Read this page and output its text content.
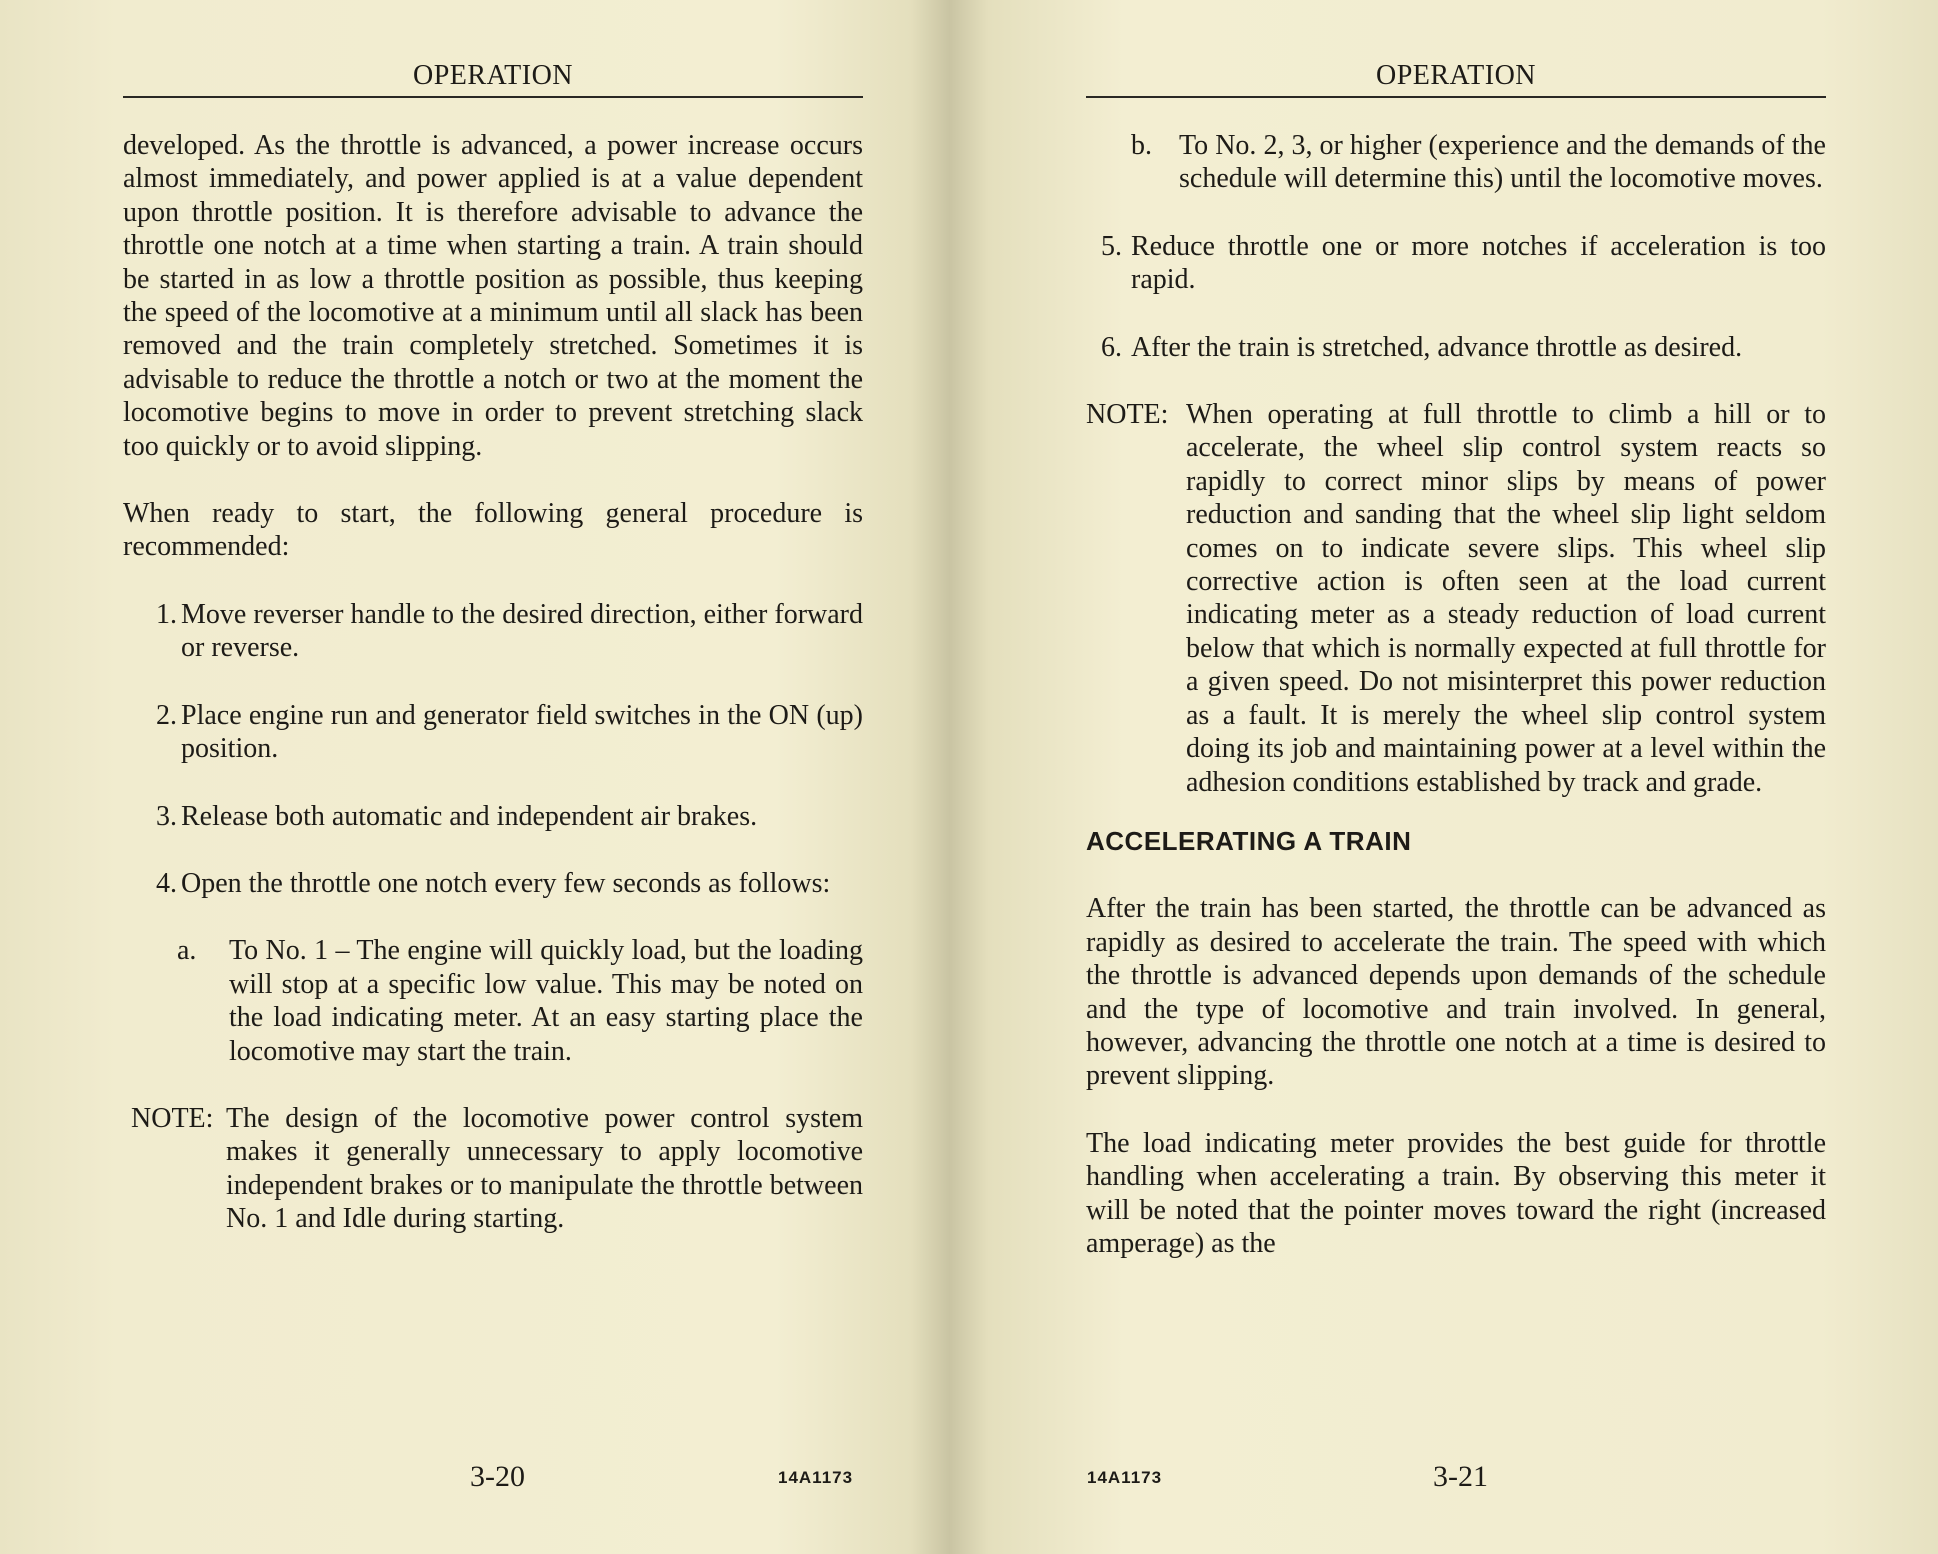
OPERATION

developed. As the throttle is advanced, a power increase occurs almost immediately, and power applied is at a value dependent upon throttle position. It is therefore advisable to advance the throttle one notch at a time when starting a train. A train should be started in as low a throttle position as possible, thus keeping the speed of the locomotive at a minimum until all slack has been removed and the train completely stretched. Sometimes it is advisable to reduce the throttle a notch or two at the moment the locomotive begins to move in order to prevent stretching slack too quickly or to avoid slipping.

When ready to start, the following general procedure is recommended:

1. Move reverser handle to the desired direction, either forward or reverse.
2. Place engine run and generator field switches in the ON (up) position.
3. Release both automatic and independent air brakes.
4. Open the throttle one notch every few seconds as follows:
a.	To No. 1 – The engine will quickly load, but the loading will stop at a specific low value. This may be noted on the load indicating meter. At an easy starting place the locomotive may start the train.
NOTE: The design of the locomotive power control system makes it generally unnecessary to apply locomotive independent brakes or to manipulate the throttle between No. 1 and Idle during starting.
3-20	14A1173
OPERATION
b. To No. 2, 3, or higher (experience and the demands of the schedule will determine this) until the locomotive moves.
5. Reduce throttle one or more notches if acceleration is too rapid.
6. After the train is stretched, advance throttle as desired.
NOTE: When operating at full throttle to climb a hill or to accelerate, the wheel slip control system reacts so rapidly to correct minor slips by means of power reduction and sanding that the wheel slip light seldom comes on to indicate severe slips. This wheel slip corrective action is often seen at the load current indicating meter as a steady reduction of load current below that which is normally expected at full throttle for a given speed. Do not misinterpret this power reduction as a fault. It is merely the wheel slip control system doing its job and maintaining power at a level within the adhesion conditions established by track and grade.
ACCELERATING A TRAIN

After the train has been started, the throttle can be advanced as rapidly as desired to accelerate the train. The speed with which the throttle is advanced depends upon demands of the schedule and the type of locomotive and train involved. In general, however, advancing the throttle one notch at a time is desired to prevent slipping.

The load indicating meter provides the best guide for throttle handling when accelerating a train. By observing this meter it will be noted that the pointer moves toward the right (increased amperage) as the

14A1173	3-21
